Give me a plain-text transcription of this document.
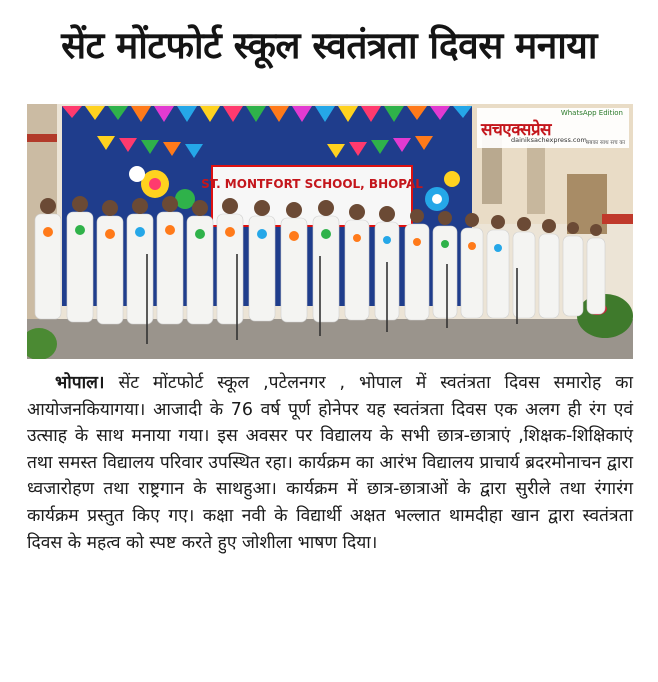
सेंट मोंटफोर्ट स्कूल स्वतंत्रता दिवस मनाया
ST. MONTFORT SCHOOL, BHOPAL
WhatsApp Edition
सचएक्सप्रेस
dainiksachexpress.com
सबका साथ सच का

भोपाल। सेंट मोंटफोर्ट स्कूल ,पटेलनगर , भोपाल में स्वतंत्रता दिवस समारोह का आयोजनकियागया। आजादी के 76 वर्ष पूर्ण होनेपर यह स्वतंत्रता दिवस एक अलग ही रंग एवं उत्साह के साथ मनाया गया। इस अवसर पर विद्यालय के सभी छात्र-छात्राएं ,शिक्षक-शिक्षिकाएं तथा समस्त विद्यालय परिवार उपस्थित रहा। कार्यक्रम का आरंभ विद्यालय प्राचार्य ब्रदरमोनाचन द्वारा ध्वजारोहण तथा राष्ट्रगान के साथहुआ। कार्यक्रम में छात्र-छात्राओं के द्वारा सुरीले तथा रंगारंग कार्यक्रम प्रस्तुत किए गए। कक्षा नवी के विद्यार्थी अक्षत भल्लात थामदीहा खान द्वारा स्वतंत्रता दिवस के महत्व को स्पष्ट करते हुए जोशीला भाषण दिया।
